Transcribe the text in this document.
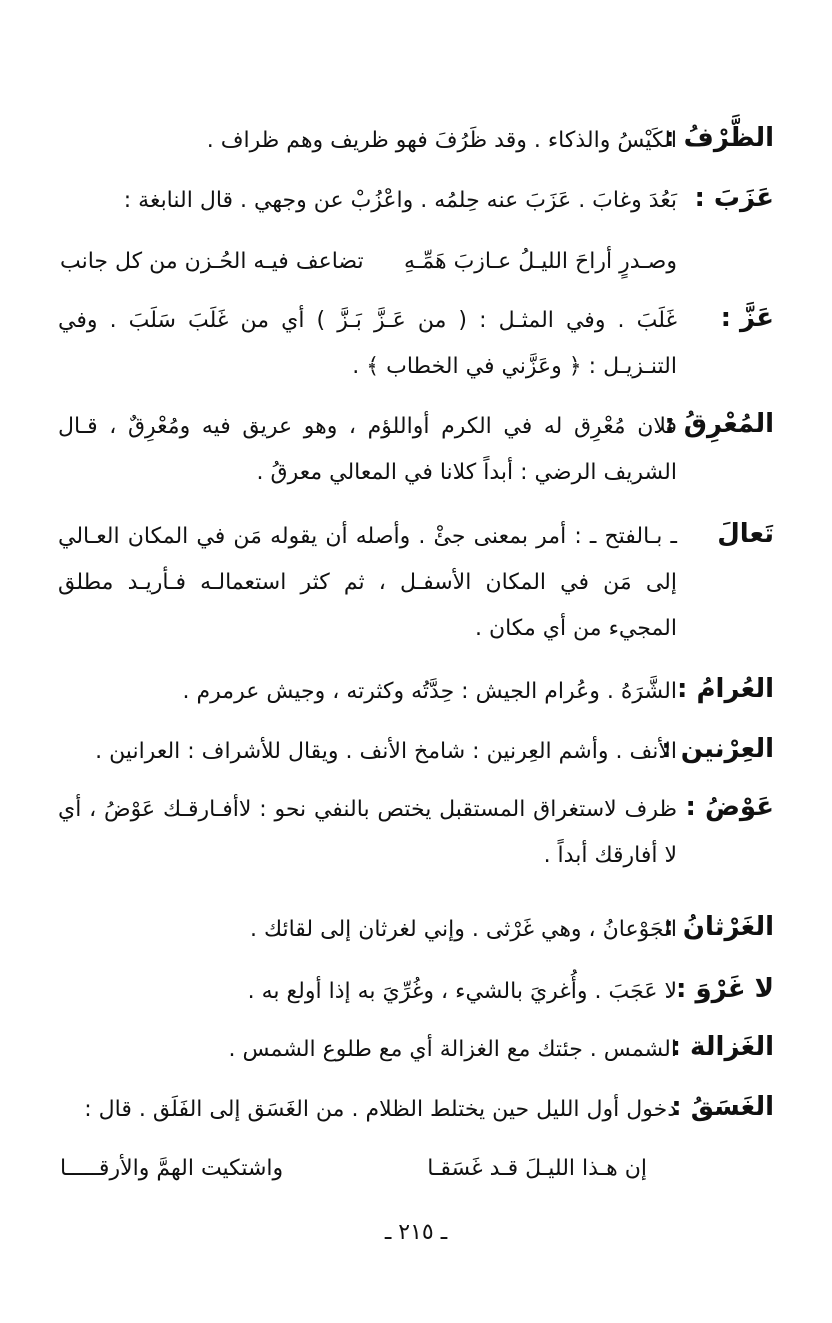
الظَّرْفُ :
الكَيْسُ والذكاء . وقد ظَرُفَ فهو ظريف وهم ظراف .
عَزَبَ :
بَعُدَ وغابَ . عَزَبَ عنه حِلمُه . واعْزُبْ عن وجهي . قال النابغة :
وصـدرٍ أراحَ الليـلُ عـازبَ هَمِّـهِ
تضاعف فيـه الحُـزن من كل جانب
عَزَّ :
غَلَبَ . وفي المثـل : ( من عَـزَّ بَـزَّ ) أي من غَلَبَ سَلَبَ . وفي التنـزيـل : ﴿ وعَزَّني في الخطاب ﴾ .
المُعْرِقُ :
فلان مُعْرِق له في الكرم أواللؤم ، وهو عريق فيه ومُعْرِقٌ ، قـال الشريف الرضي : أبداً كلانا في المعالي معرقُ .
تَعالَ
ـ بـالفتح ـ : أمر بمعنى جئْ . وأصله أن يقوله مَن في المكان العـالي إلى مَن في المكان الأسفـل ، ثم كثر استعمالـه فـأريـد مطلق المجيء من أي مكان .
العُرامُ :
الشَّرَهُ . وعُرام الجيش : حِدَّتُه وكثرته ، وجيش عرمرم .
العِرْنين :
الأنف . وأشم العِرنين : شامخ الأنف . ويقال للأشراف : العرانين .
عَوْضُ :
ظرف لاستغراق المستقبل يختص بالنفي نحو : لاأفـارقـك عَوْضُ ، أي لا أفارقك أبداً .
الغَرْثانُ :
الجَوْعانُ ، وهي غَرْثى . وإني لغرثان إلى لقائك .
لا غَرْوَ :
لا عَجَبَ . وأُغريَ بالشيء ، وغُرِّيَ به إذا أولع به .
الغَزالة :
الشمس . جئتك مع الغزالة أي مع طلوع الشمس .
الغَسَقُ :
دخول أول الليل حين يختلط الظلام . من الغَسَق إلى الفَلَق . قال :
إن هـذا الليـلَ قـد غَسَقـا
واشتكيت الهمَّ والأرقـــــا
ـ ٢١٥ ـ
